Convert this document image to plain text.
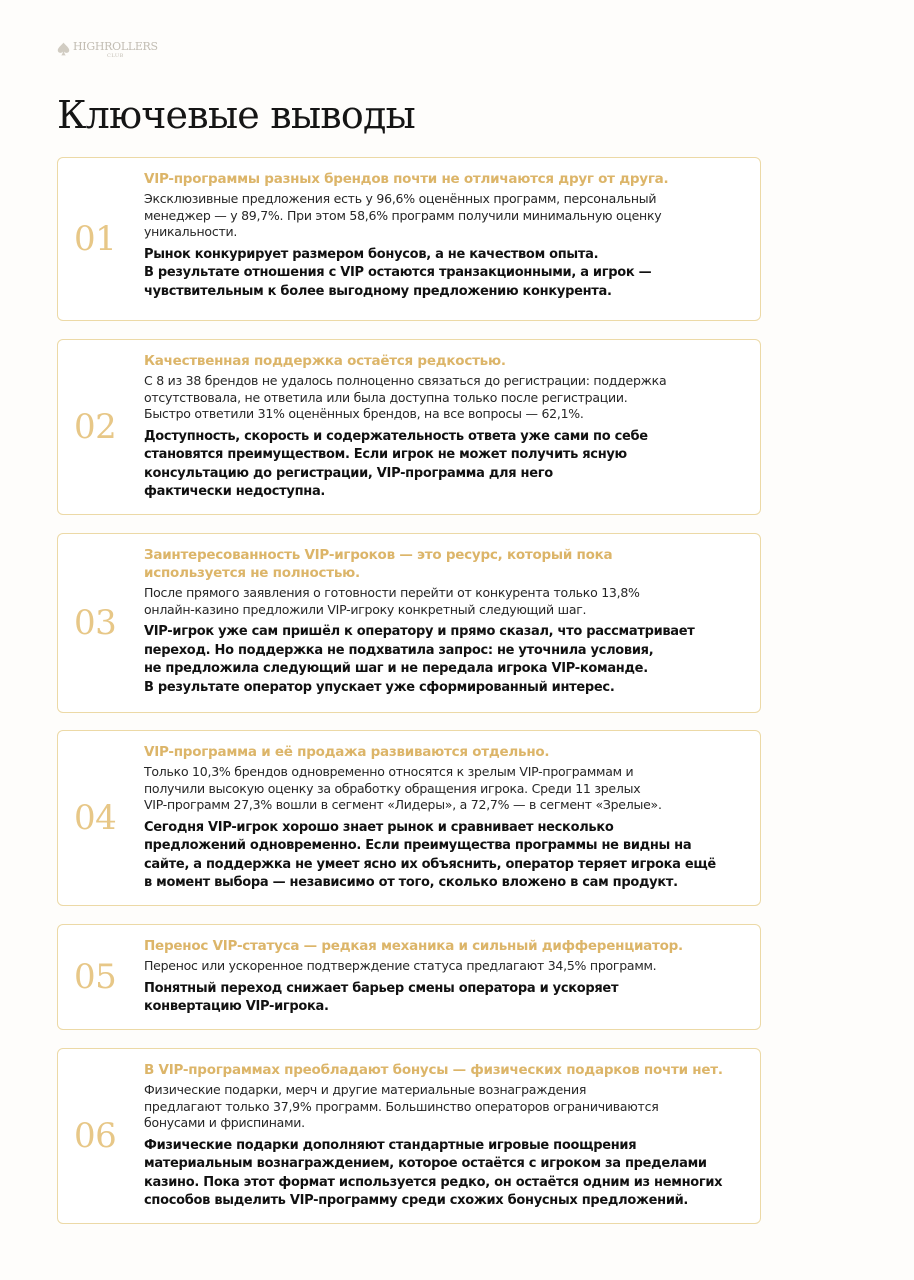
HIGHROLLERS
CLUB
Ключевые выводы
01
VIP-программы разных брендов почти не отличаются друг от друга.
Эксклюзивные предложения есть у 96,6% оценённых программ, персональный
менеджер — у 89,7%. При этом 58,6% программ получили минимальную оценку
уникальности.
Рынок конкурирует размером бонусов, а не качеством опыта.
В результате отношения с VIP остаются транзакционными, а игрок —
чувствительным к более выгодному предложению конкурента.
02
Качественная поддержка остаётся редкостью.
С 8 из 38 брендов не удалось полноценно связаться до регистрации: поддержка
отсутствовала, не ответила или была доступна только после регистрации.
Быстро ответили 31% оценённых брендов, на все вопросы — 62,1%.
Доступность, скорость и содержательность ответа уже сами по себе
становятся преимуществом. Если игрок не может получить ясную
консультацию до регистрации, VIP-программа для него
фактически недоступна.
03
Заинтересованность VIP-игроков — это ресурс, который пока
используется не полностью.
После прямого заявления о готовности перейти от конкурента только 13,8%
онлайн-казино предложили VIP-игроку конкретный следующий шаг.
VIP-игрок уже сам пришёл к оператору и прямо сказал, что рассматривает
переход. Но поддержка не подхватила запрос: не уточнила условия,
не предложила следующий шаг и не передала игрока VIP-команде.
В результате оператор упускает уже сформированный интерес.
04
VIP-программа и её продажа развиваются отдельно.
Только 10,3% брендов одновременно относятся к зрелым VIP-программам и
получили высокую оценку за обработку обращения игрока. Среди 11 зрелых
VIP-программ 27,3% вошли в сегмент «Лидеры», а 72,7% — в сегмент «Зрелые».
Сегодня VIP-игрок хорошо знает рынок и сравнивает несколько
предложений одновременно. Если преимущества программы не видны на
сайте, а поддержка не умеет ясно их объяснить, оператор теряет игрока ещё
в момент выбора — независимо от того, сколько вложено в сам продукт.
05
Перенос VIP-статуса — редкая механика и сильный дифференциатор.
Перенос или ускоренное подтверждение статуса предлагают 34,5% программ.
Понятный переход снижает барьер смены оператора и ускоряет
конвертацию VIP-игрока.
06
В VIP-программах преобладают бонусы — физических подарков почти нет.
Физические подарки, мерч и другие материальные вознаграждения
предлагают только 37,9% программ. Большинство операторов ограничиваются
бонусами и фриспинами.
Физические подарки дополняют стандартные игровые поощрения
материальным вознаграждением, которое остаётся с игроком за пределами
казино. Пока этот формат используется редко, он остаётся одним из немногих
способов выделить VIP-программу среди схожих бонусных предложений.
